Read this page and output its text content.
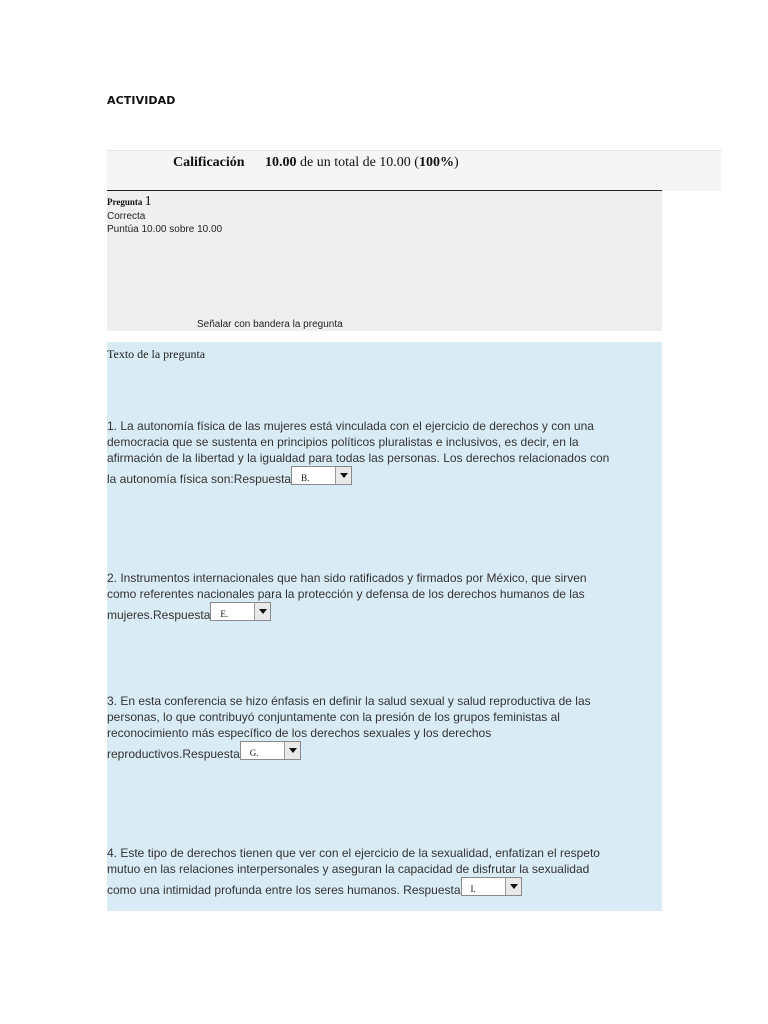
ACTIVIDAD
Calificación 10.00 de un total de 10.00 (100%)
Pregunta 1
Correcta
Puntúa 10.00 sobre 10.00
Señalar con bandera la pregunta
Texto de la pregunta
1. La autonomía física de las mujeres está vinculada con el ejercicio de derechos y con una
democracia que se sustenta en principios políticos pluralistas e inclusivos, es decir, en la
afirmación de la libertad y la igualdad para todas las personas. Los derechos relacionados con
la autonomía física son:Respuesta B.
2. Instrumentos internacionales que han sido ratificados y firmados por México, que sirven
como referentes nacionales para la protección y defensa de los derechos humanos de las
mujeres.Respuesta E.
3. En esta conferencia se hizo énfasis en definir la salud sexual y salud reproductiva de las
personas, lo que contribuyó conjuntamente con la presión de los grupos feministas al
reconocimiento más específico de los derechos sexuales y los derechos
reproductivos.Respuesta G.
4. Este tipo de derechos tienen que ver con el ejercicio de la sexualidad, enfatizan el respeto
mutuo en las relaciones interpersonales y aseguran la capacidad de disfrutar la sexualidad
como una intimidad profunda entre los seres humanos. Respuesta I.
